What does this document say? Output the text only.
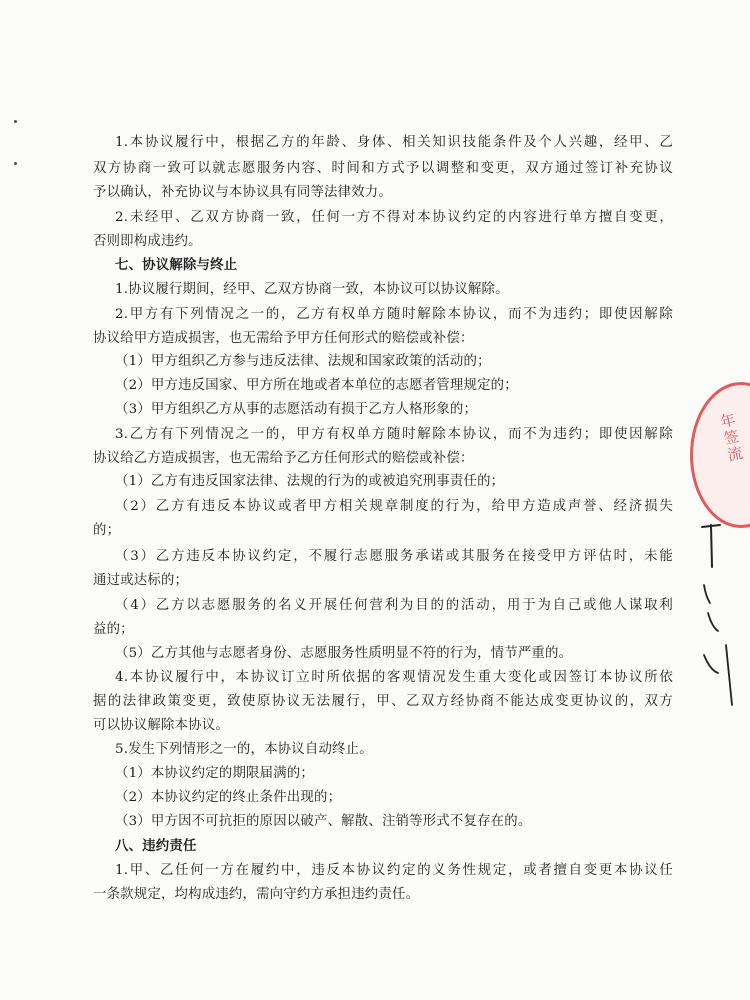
1.本协议履行中，根据乙方的年龄、身体、相关知识技能条件及个人兴趣，经甲、乙
双方协商一致可以就志愿服务内容、时间和方式予以调整和变更，双方通过签订补充协议
予以确认，补充协议与本协议具有同等法律效力。
2.未经甲、乙双方协商一致，任何一方不得对本协议约定的内容进行单方擅自变更，
否则即构成违约。
七、协议解除与终止
1.协议履行期间，经甲、乙双方协商一致，本协议可以协议解除。
2.甲方有下列情况之一的，乙方有权单方随时解除本协议，而不为违约；即使因解除
协议给甲方造成损害，也无需给予甲方任何形式的赔偿或补偿：
（1）甲方组织乙方参与违反法律、法规和国家政策的活动的；
（2）甲方违反国家、甲方所在地或者本单位的志愿者管理规定的；
（3）甲方组织乙方从事的志愿活动有损于乙方人格形象的；
3.乙方有下列情况之一的，甲方有权单方随时解除本协议，而不为违约；即使因解除
协议给乙方造成损害，也无需给予乙方任何形式的赔偿或补偿：
（1）乙方有违反国家法律、法规的行为的或被追究刑事责任的；
（2）乙方有违反本协议或者甲方相关规章制度的行为，给甲方造成声誉、经济损失
的；
（3）乙方违反本协议约定，不履行志愿服务承诺或其服务在接受甲方评估时，未能
通过或达标的；
（4）乙方以志愿服务的名义开展任何营利为目的的活动，用于为自己或他人谋取利
益的；
（5）乙方其他与志愿者身份、志愿服务性质明显不符的行为，情节严重的。
4.本协议履行中，本协议订立时所依据的客观情况发生重大变化或因签订本协议所依
据的法律政策变更，致使原协议无法履行，甲、乙双方经协商不能达成变更协议的，双方
可以协议解除本协议。
5.发生下列情形之一的，本协议自动终止。
（1）本协议约定的期限届满的；
（2）本协议约定的终止条件出现的；
（3）甲方因不可抗拒的原因以破产、解散、注销等形式不复存在的。
八、违约责任
1.甲、乙任何一方在履约中，违反本协议约定的义务性规定，或者擅自变更本协议任
一条款规定，均构成违约，需向守约方承担违约责任。
年签流
